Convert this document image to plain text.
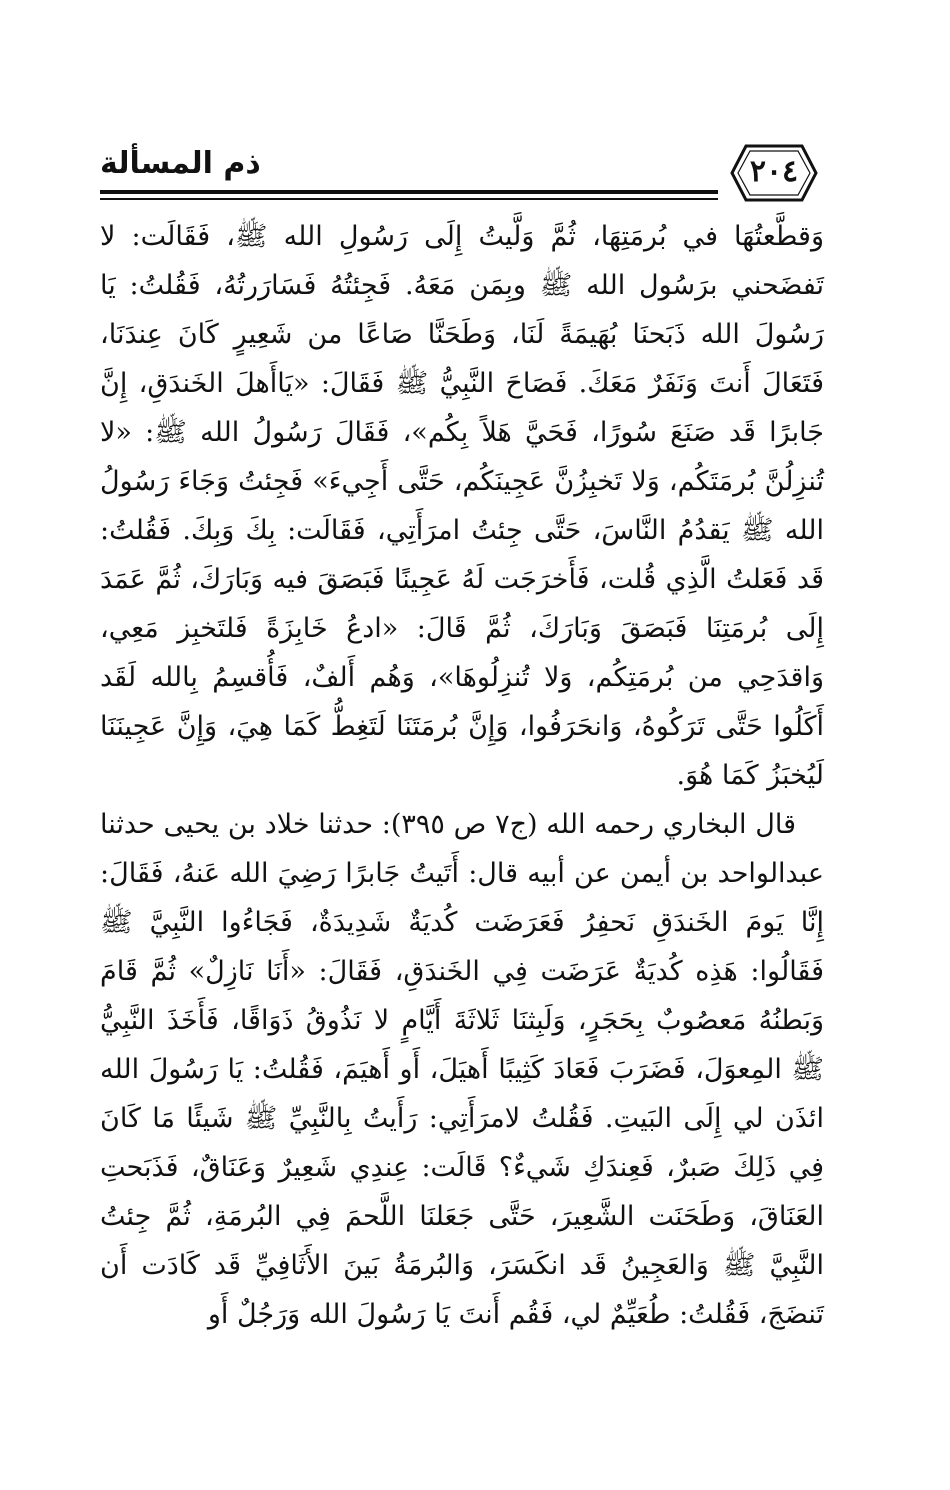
ذم المسألة	٢٠٤

وَقطَّعتُهَا في بُرمَتِهَا، ثُمَّ وَلَّيتُ إِلَى رَسُولِ الله ﷺ، فَقَالَت: لا تَفضَحني برَسُول الله ﷺ وبِمَن مَعَهُ. فَجِئتُهُ فَسَارَرتُهُ، فَقُلتُ: يَا رَسُولَ الله ذَبَحنَا بُهَيمَةً لَنَا، وَطَحَنَّا صَاعًا من شَعِيرٍ كَانَ عِندَنَا، فَتَعَالَ أَنتَ وَنَفَرٌ مَعَكَ. فَصَاحَ النَّبِيُّ ﷺ فَقَالَ: «يَاأَهلَ الخَندَقِ، إِنَّ جَابرًا قَد صَنَعَ سُورًا، فَحَيَّ هَلاً بِكُم»، فَقَالَ رَسُولُ الله ﷺ: «لا تُنزِلُنَّ بُرمَتَكُم، وَلا تَخبِزُنَّ عَجِينَكُم، حَتَّى أَجِيءَ» فَجِئتُ وَجَاءَ رَسُولُ الله ﷺ يَقدُمُ النَّاسَ، حَتَّى جِئتُ امرَأَتِي، فَقَالَت: بِكَ وَبِكَ. فَقُلتُ: قَد فَعَلتُ الَّذِي قُلت، فَأَخرَجَت لَهُ عَجِينًا فَبَصَقَ فيه وَبَارَكَ، ثُمَّ عَمَدَ إِلَى بُرمَتِنَا فَبَصَقَ وَبَارَكَ، ثُمَّ قَالَ: «ادعُ خَابِزَةً فَلتَخبِز مَعِي، وَاقدَحِي من بُرمَتِكُم، وَلا تُنزِلُوهَا»، وَهُم أَلفٌ، فَأُقسِمُ بِالله لَقَد أَكَلُوا حَتَّى تَرَكُوهُ، وَانحَرَفُوا، وَإِنَّ بُرمَتَنَا لَتَغِطُّ كَمَا هِيَ، وَإِنَّ عَجِينَنَا لَيُخبَزُ كَمَا هُوَ.

قال البخاري رحمه الله (ج٧ ص ٣٩٥): حدثنا خلاد بن يحيى حدثنا عبدالواحد بن أيمن عن أبيه قال: أَتَيتُ جَابرًا رَضِيَ الله عَنهُ، فَقَالَ: إِنَّا يَومَ الخَندَقِ نَحفِرُ فَعَرَضَت كُديَةٌ شَدِيدَةٌ، فَجَاءُوا النَّبِيَّ ﷺ فَقَالُوا: هَذِه كُديَةٌ عَرَضَت فِي الخَندَقِ، فَقَالَ: «أَنَا نَازِلٌ» ثُمَّ قَامَ وَبَطنُهُ مَعصُوبٌ بِحَجَرٍ، وَلَبِثنَا ثَلاثَةَ أَيَّامٍ لا نَذُوقُ ذَوَاقًا، فَأَخَذَ النَّبِيُّ ﷺ المِعوَلَ، فَضَرَبَ فَعَادَ كَثِيبًا أَهيَلَ، أَو أَهيَمَ، فَقُلتُ: يَا رَسُولَ الله ائذَن لي إِلَى البَيتِ. فَقُلتُ لامرَأَتِي: رَأَيتُ بِالنَّبِيِّ ﷺ شَيئًا مَا كَانَ فِي ذَلِكَ صَبرٌ، فَعِندَكِ شَيءٌ؟ قَالَت: عِندِي شَعِيرٌ وَعَنَاقٌ، فَذَبَحتِ العَنَاقَ، وَطَحَنَت الشَّعِيرَ، حَتَّى جَعَلنَا اللَّحمَ فِي البُرمَةِ، ثُمَّ جِئتُ النَّبِيَّ ﷺ وَالعَجِينُ قَد انكَسَرَ، وَالبُرمَةُ بَينَ الأَثَافِيِّ قَد كَادَت أَن تَنضَجَ، فَقُلتُ: طُعَيِّمٌ لي، فَقُم أَنتَ يَا رَسُولَ الله وَرَجُلٌ أَو
